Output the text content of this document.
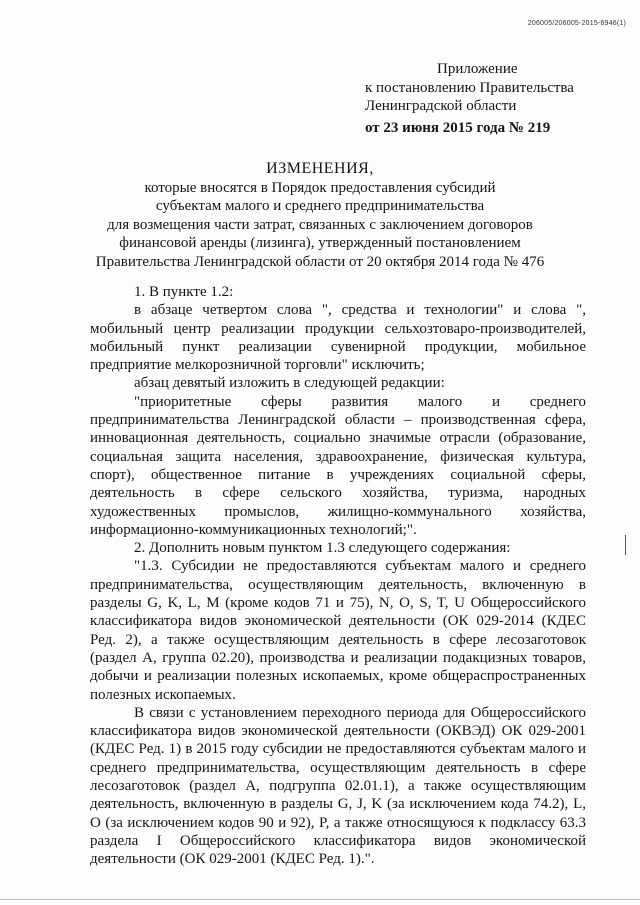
206005/206005-2015-6946(1)
Приложение
к постановлению Правительства
Ленинградской области
от 23 июня 2015 года № 219
ИЗМЕНЕНИЯ,
которые вносятся в Порядок предоставления субсидий
субъектам малого и среднего предпринимательства
для возмещения части затрат, связанных с заключением договоров
финансовой аренды (лизинга), утвержденный постановлением
Правительства Ленинградской области от 20 октября 2014 года № 476

1. В пункте 1.2:

в абзаце четвертом слова ", средства и технологии" и слова ", мобильный центр реализации продукции сельхозтоваро-производителей, мобильный пункт реализации сувенирной продукции, мобильное предприятие мелкорозничной торговли" исключить;

абзац девятый изложить в следующей редакции:

"приоритетные сферы развития малого и среднего предпринимательства Ленинградской области – производственная сфера, инновационная деятельность, социально значимые отрасли (образование, социальная защита населения, здравоохранение, физическая культура, спорт), общественное питание в учреждениях социальной сферы, деятельность в сфере сельского хозяйства, туризма, народных художественных промыслов, жилищно-коммунального хозяйства, информационно-коммуникационных технологий;".

2. Дополнить новым пунктом 1.3 следующего содержания:

"1.3. Субсидии не предоставляются субъектам малого и среднего предпринимательства, осуществляющим деятельность, включенную в разделы G, K, L, M (кроме кодов 71 и 75), N, O, S, T, U Общероссийского классификатора видов экономической деятельности (ОК 029-2014 (КДЕС Ред. 2), а также осуществляющим деятельность в сфере лесозаготовок (раздел А, группа 02.20), производства и реализации подакцизных товаров, добычи и реализации полезных ископаемых, кроме общераспространенных полезных ископаемых.

В связи с установлением переходного периода для Общероссийского классификатора видов экономической деятельности (ОКВЭД) ОК 029-2001 (КДЕС Ред. 1) в 2015 году субсидии не предоставляются субъектам малого и среднего предпринимательства, осуществляющим деятельность в сфере лесозаготовок (раздел А, подгруппа 02.01.1), а также осуществляющим деятельность, включенную в разделы G, J, K (за исключением кода 74.2), L, O (за исключением кодов 90 и 92), P, а также относящуюся к подклассу 63.3 раздела I Общероссийского классификатора видов экономической деятельности (ОК 029-2001 (КДЕС Ред. 1).".
